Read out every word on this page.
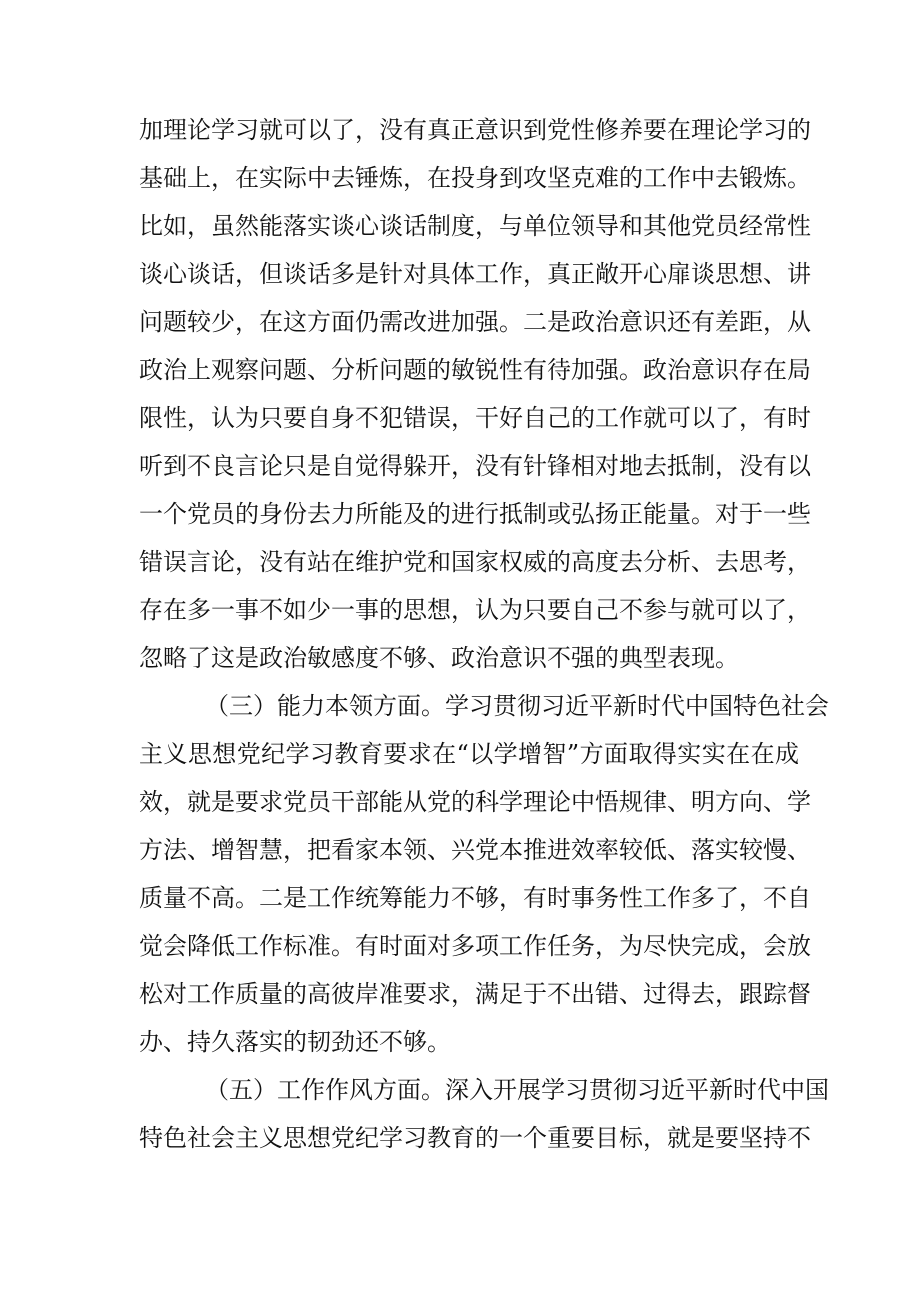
加理论学习就可以了，没有真正意识到党性修养要在理论学习的
基础上，在实际中去锤炼，在投身到攻坚克难的工作中去锻炼。
比如，虽然能落实谈心谈话制度，与单位领导和其他党员经常性
谈心谈话，但谈话多是针对具体工作，真正敞开心扉谈思想、讲
问题较少，在这方面仍需改进加强。二是政治意识还有差距，从
政治上观察问题、分析问题的敏锐性有待加强。政治意识存在局
限性，认为只要自身不犯错误，干好自己的工作就可以了，有时
听到不良言论只是自觉得躲开，没有针锋相对地去抵制，没有以
一个党员的身份去力所能及的进行抵制或弘扬正能量。对于一些
错误言论，没有站在维护党和国家权威的高度去分析、去思考，
存在多一事不如少一事的思想，认为只要自己不参与就可以了，
忽略了这是政治敏感度不够、政治意识不强的典型表现。
（三）能力本领方面。学习贯彻习近平新时代中国特色社会
主义思想党纪学习教育要求在“以学增智”方面取得实实在在成
效，就是要求党员干部能从党的科学理论中悟规律、明方向、学
方法、增智慧，把看家本领、兴党本推进效率较低、落实较慢、
质量不高。二是工作统筹能力不够，有时事务性工作多了，不自
觉会降低工作标准。有时面对多项工作任务，为尽快完成，会放
松对工作质量的高彼岸准要求，满足于不出错、过得去，跟踪督
办、持久落实的韧劲还不够。
（五）工作作风方面。深入开展学习贯彻习近平新时代中国
特色社会主义思想党纪学习教育的一个重要目标，就是要坚持不
